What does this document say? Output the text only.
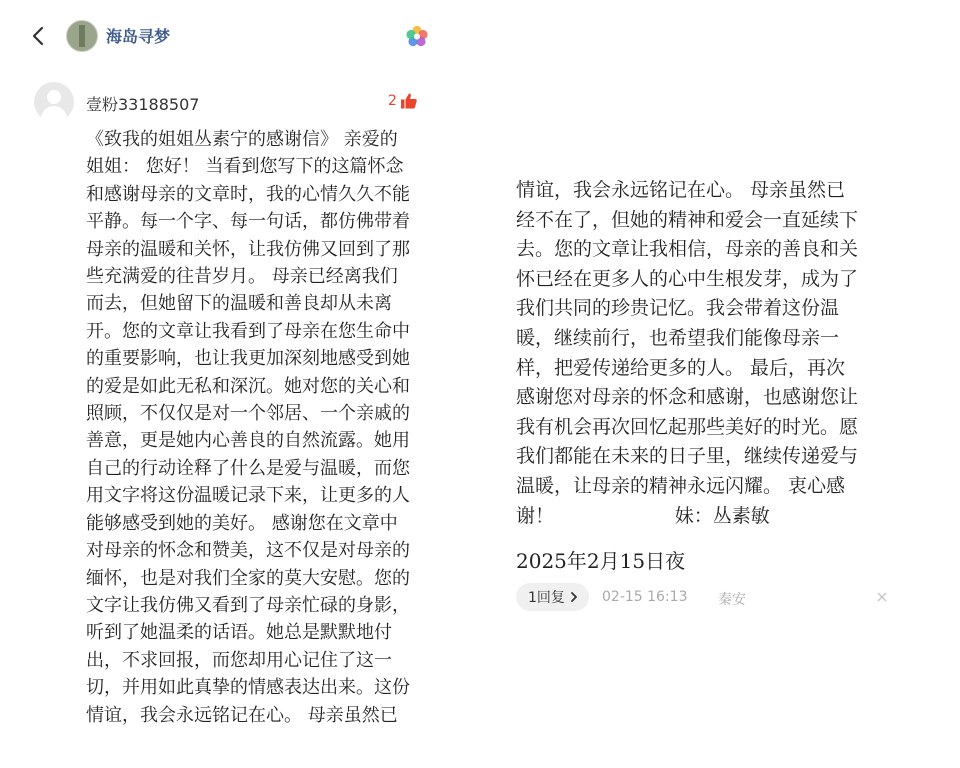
海岛寻梦
壹粉33188507	2
《致我的姐姐丛素宁的感谢信》 亲爱的
姐姐： 您好！ 当看到您写下的这篇怀念
和感谢母亲的文章时，我的心情久久不能
平静。每一个字、每一句话，都仿佛带着
母亲的温暖和关怀，让我仿佛又回到了那
些充满爱的往昔岁月。 母亲已经离我们
而去，但她留下的温暖和善良却从未离
开。您的文章让我看到了母亲在您生命中
的重要影响，也让我更加深刻地感受到她
的爱是如此无私和深沉。她对您的关心和
照顾，不仅仅是对一个邻居、一个亲戚的
善意，更是她内心善良的自然流露。她用
自己的行动诠释了什么是爱与温暖，而您
用文字将这份温暖记录下来，让更多的人
能够感受到她的美好。 感谢您在文章中
对母亲的怀念和赞美，这不仅是对母亲的
缅怀，也是对我们全家的莫大安慰。您的
文字让我仿佛又看到了母亲忙碌的身影，
听到了她温柔的话语。她总是默默地付
出，不求回报，而您却用心记住了这一
切，并用如此真挚的情感表达出来。这份
情谊，我会永远铭记在心。 母亲虽然已
情谊，我会永远铭记在心。 母亲虽然已
经不在了，但她的精神和爱会一直延续下
去。您的文章让我相信，母亲的善良和关
怀已经在更多人的心中生根发芽，成为了
我们共同的珍贵记忆。我会带着这份温
暖，继续前行，也希望我们能像母亲一
样，把爱传递给更多的人。 最后，再次
感谢您对母亲的怀念和感谢，也感谢您让
我有机会再次回忆起那些美好的时光。愿
我们都能在未来的日子里，继续传递爱与
温暖，让母亲的精神永远闪耀。 衷心感
谢！                    妹：丛素敏
2025年2月15日夜
1回复	02-15 16:13 秦安
